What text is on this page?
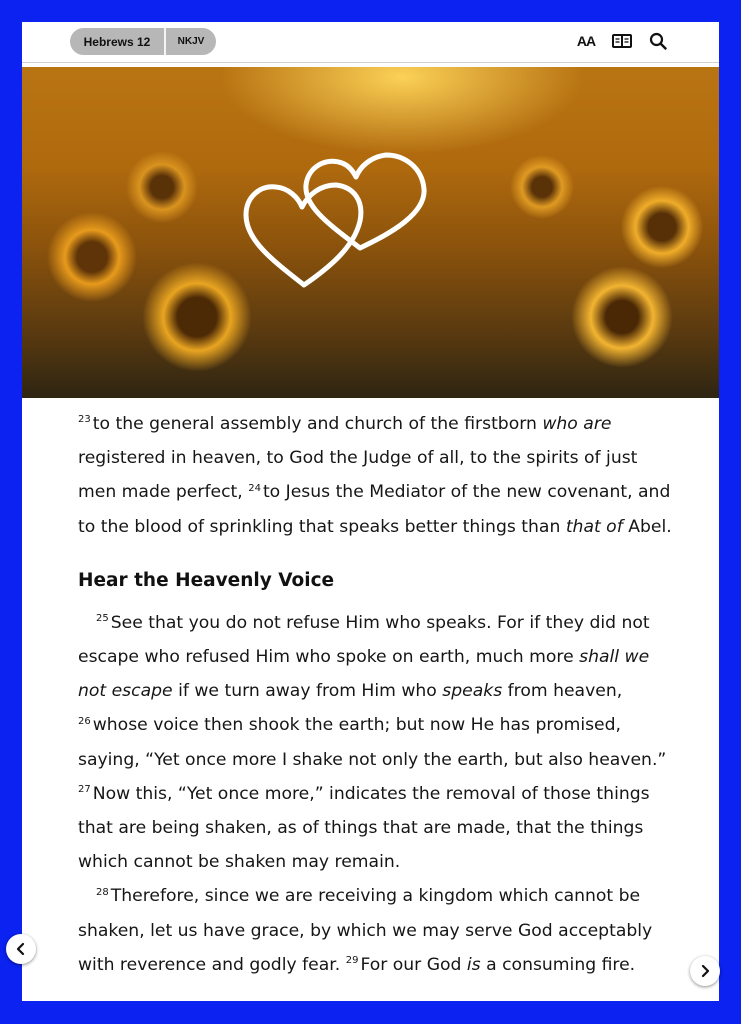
Hebrews 12	NKJV	AA

$^{23}$ to the general assembly and church of the firstborn who are registered in heaven, to God the Judge of all, to the spirits of just men made perfect, $^{24}$ to Jesus the Mediator of the new covenant, and to the blood of sprinkling that speaks better things than that of Abel.

Hear the Heavenly Voice

$^{25}$ See that you do not refuse Him who speaks. For if they did not escape who refused Him who spoke on earth, much more shall we not escape if we turn away from Him who speaks from heaven, $^{26}$ whose voice then shook the earth; but now He has promised, saying, “Yet once more I shake not only the earth, but also heaven.” $^{27}$ Now this, “Yet once more,” indicates the removal of those things that are being shaken, as of things that are made, that the things which cannot be shaken may remain.

$^{28}$ Therefore, since we are receiving a kingdom which cannot be shaken, let us have grace, by which we may serve God acceptably with reverence and godly fear. $^{29}$ For our God is a consuming fire.
